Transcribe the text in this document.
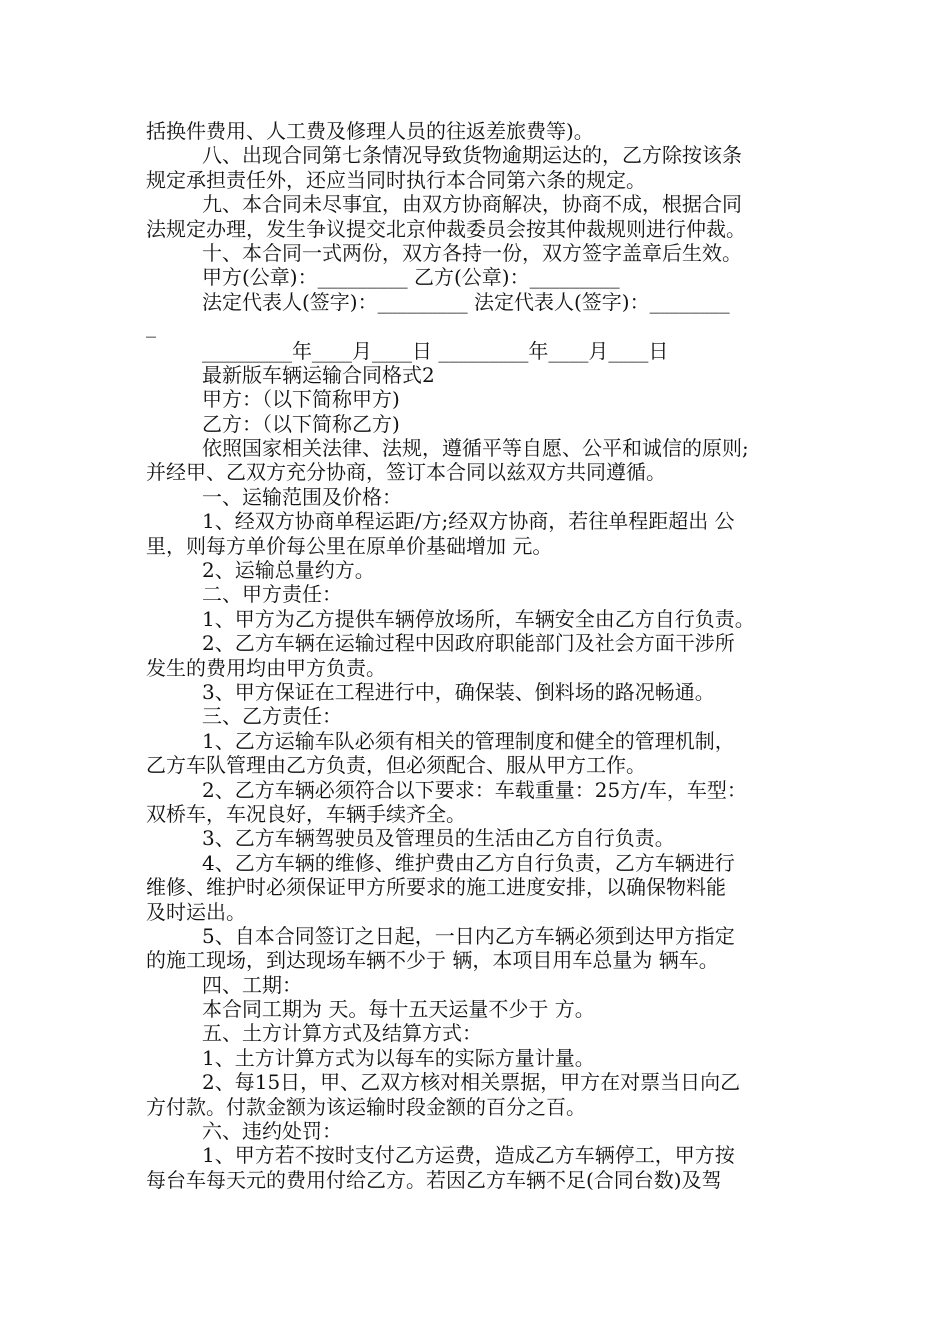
括换件费用、人工费及修理人员的往返差旅费等)。
八、出现合同第七条情况导致货物逾期运达的，乙方除按该条
规定承担责任外，还应当同时执行本合同第六条的规定。
九、本合同未尽事宜，由双方协商解决，协商不成，根据合同
法规定办理，发生争议提交北京仲裁委员会按其仲裁规则进行仲裁。
十、本合同一式两份，双方各持一份，双方签字盖章后生效。
甲方(公章)：_________ 乙方(公章)：_________
法定代表人(签字)：_________ 法定代表人(签字)：________
_
_________年____月____日 _________年____月____日
最新版车辆运输合同格式2
甲方：（以下简称甲方)
乙方：（以下简称乙方)
依照国家相关法律、法规，遵循平等自愿、公平和诚信的原则;
并经甲、乙双方充分协商，签订本合同以兹双方共同遵循。
一、运输范围及价格：
1、经双方协商单程运距/方;经双方协商，若往单程距超出 公
里，则每方单价每公里在原单价基础增加 元。
2、运输总量约方。
二、甲方责任：
1、甲方为乙方提供车辆停放场所，车辆安全由乙方自行负责。
2、乙方车辆在运输过程中因政府职能部门及社会方面干涉所
发生的费用均由甲方负责。
3、甲方保证在工程进行中，确保装、倒料场的路况畅通。
三、乙方责任：
1、乙方运输车队必须有相关的管理制度和健全的管理机制，
乙方车队管理由乙方负责，但必须配合、服从甲方工作。
2、乙方车辆必须符合以下要求：车载重量：25方/车，车型：
双桥车，车况良好，车辆手续齐全。
3、乙方车辆驾驶员及管理员的生活由乙方自行负责。
4、乙方车辆的维修、维护费由乙方自行负责，乙方车辆进行
维修、维护时必须保证甲方所要求的施工进度安排，以确保物料能
及时运出。
5、自本合同签订之日起，一日内乙方车辆必须到达甲方指定
的施工现场，到达现场车辆不少于 辆，本项目用车总量为 辆车。
四、工期：
本合同工期为 天。每十五天运量不少于 方。
五、土方计算方式及结算方式：
1、土方计算方式为以每车的实际方量计量。
2、每15日，甲、乙双方核对相关票据，甲方在对票当日向乙
方付款。付款金额为该运输时段金额的百分之百。
六、违约处罚：
1、甲方若不按时支付乙方运费，造成乙方车辆停工，甲方按
每台车每天元的费用付给乙方。若因乙方车辆不足(合同台数)及驾
